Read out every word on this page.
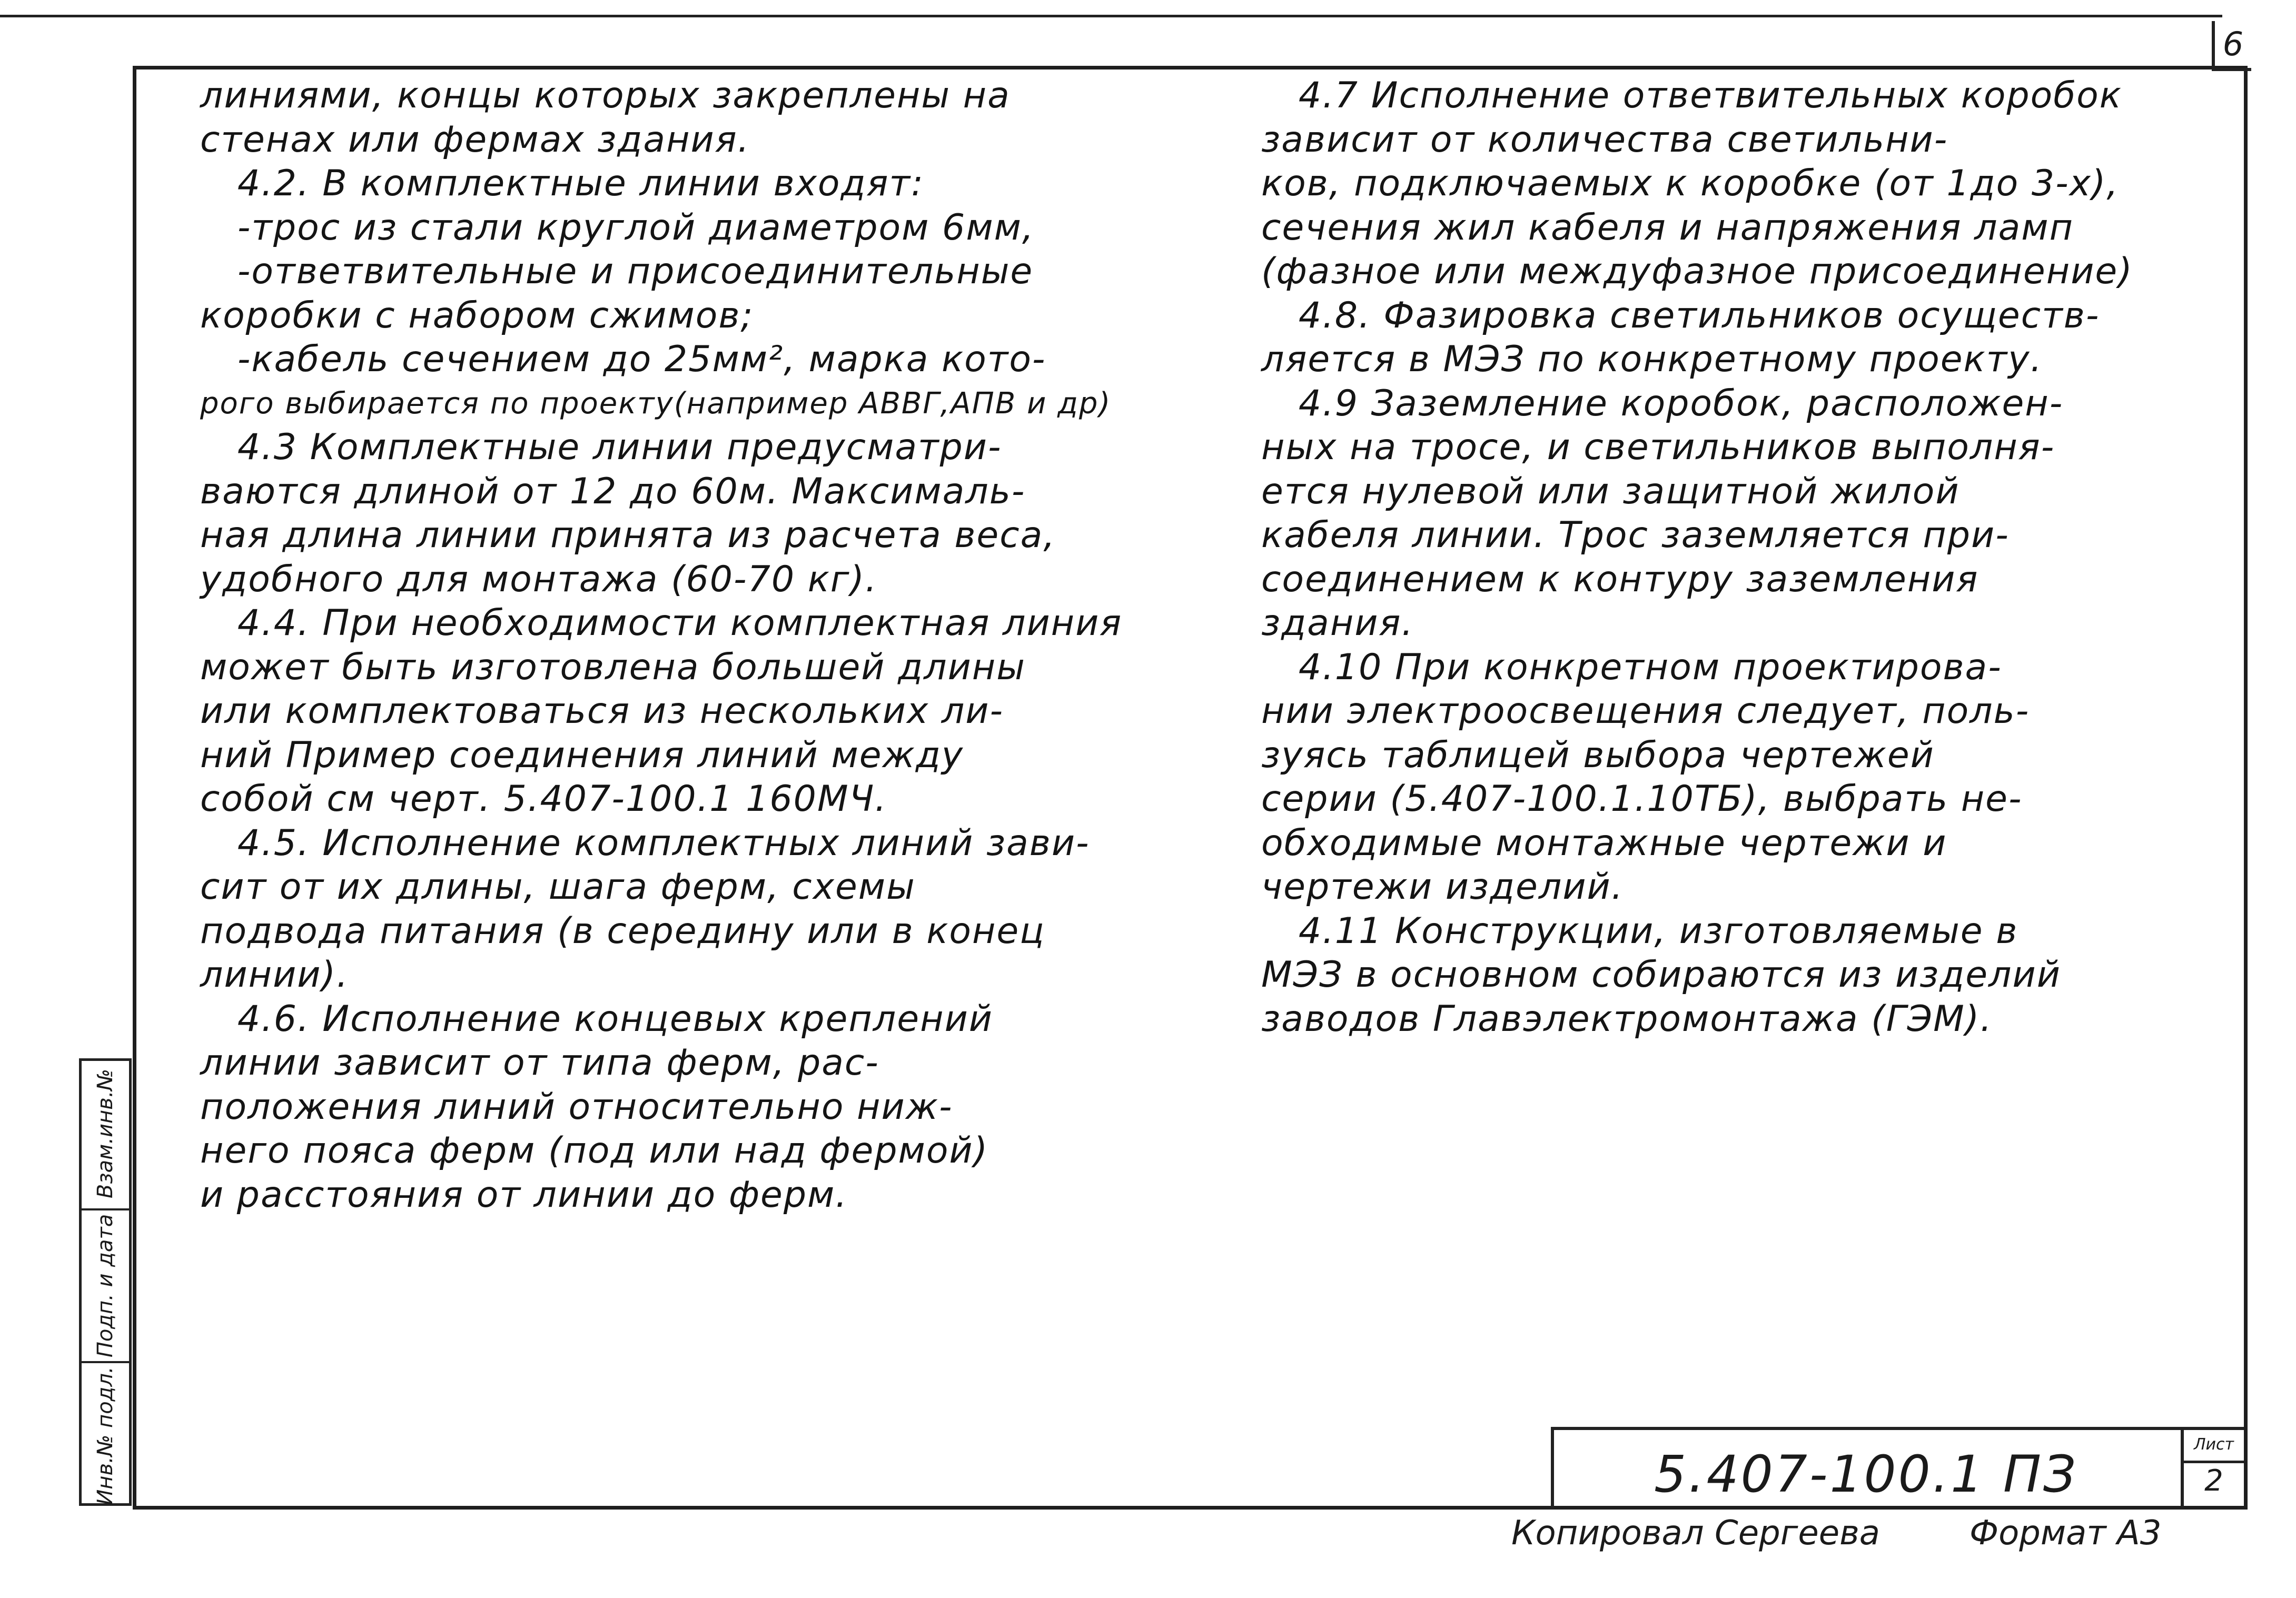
6
линиями, концы которых закреплены на
стенах или фермах здания.
4.2. В комплектные линии входят:
-трос из стали круглой диаметром 6мм,
-ответвительные и присоединительные
коробки с набором сжимов;
-кабель сечением до 25мм², марка кото-
рого выбирается по проекту(например АВВГ,АПВ и др)
4.3 Комплектные линии предусматри-
ваются длиной от 12 до 60м. Максималь-
ная длина линии принята из расчета веса,
удобного для монтажа (60-70 кг).
4.4. При необходимости комплектная линия
может быть изготовлена большей длины
или комплектоваться из нескольких ли-
ний Пример соединения линий между
собой см черт. 5.407-100.1 160МЧ.
4.5. Исполнение комплектных линий зави-
сит от их длины, шага ферм, схемы
подвода питания (в середину или в конец
линии).
4.6. Исполнение концевых креплений
линии зависит от типа ферм, рас-
положения линий относительно ниж-
него пояса ферм (под или над фермой)
и расстояния от линии до ферм.
4.7 Исполнение ответвительных коробок
зависит от количества светильни-
ков, подключаемых к коробке (от 1до 3-х),
сечения жил кабеля и напряжения ламп
(фазное или междуфазное присоединение)
4.8. Фазировка светильников осуществ-
ляется в МЭЗ по конкретному проекту.
4.9 Заземление коробок, расположен-
ных на тросе, и светильников выполня-
ется нулевой или защитной жилой
кабеля линии. Трос заземляется при-
соединением к контуру заземления
здания.
4.10 При конкретном проектирова-
нии электроосвещения следует, поль-
зуясь таблицей выбора чертежей
серии (5.407-100.1.10ТБ), выбрать не-
обходимые монтажные чертежи и
чертежи изделий.
4.11 Конструкции, изготовляемые в
МЭЗ в основном собираются из изделий
заводов Главэлектромонтажа (ГЭМ).
Взам.инв.№
Подп. и дата
Инв.№ подл.	5.407-100.1 ПЗ
Лист
2
Копировал Сергеева	Формат А3
